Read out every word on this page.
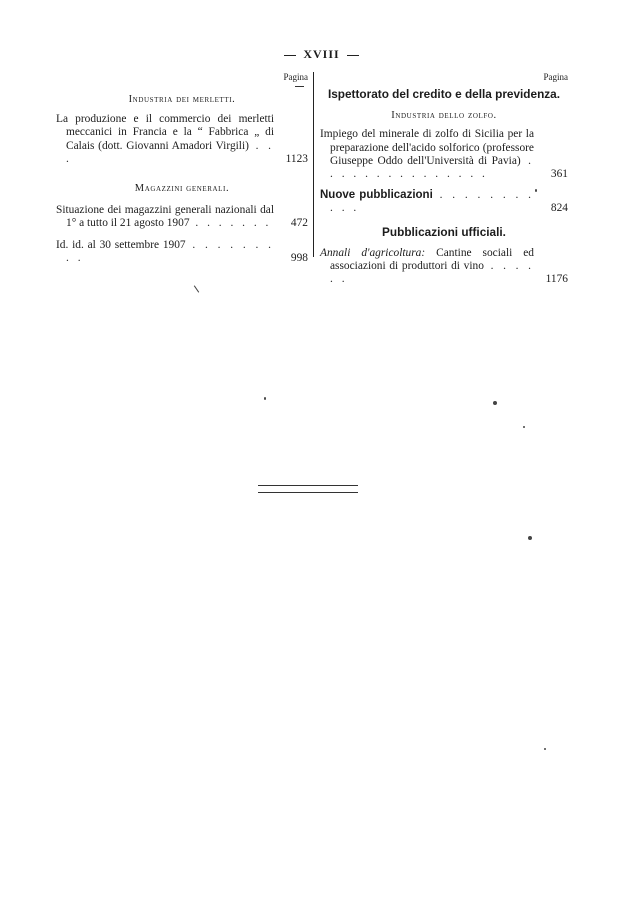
XVIII
Pagina
Industria dei merletti.
La produzione e il commercio dei merletti meccanici in Francia e la “ Fabbrica „ di Calais (dott. Giovanni Amadori Virgili) . . .	1123
Magazzini generali.
Situazione dei magazzini generali nazionali dal 1° a tutto il 21 agosto 1907 . . . . . . . 472
Id. id. al 30 settembre 1907 . . . . . . . . .	998
Pagina
Ispettorato del credito e della previdenza.
Industria dello zolfo.
Impiego del minerale di zolfo di Sicilia per la preparazione dell'acido solforico (professore Giuseppe Oddo dell'Università di Pavia) . . . . . . . . . . . . . . .	361
Nuove pubblicazioni . . . . . . . . . . .	824
Pubblicazioni ufficiali.
Annali d'agricoltura: Cantine sociali ed associazioni di produttori di vino . . . . . .	1176
